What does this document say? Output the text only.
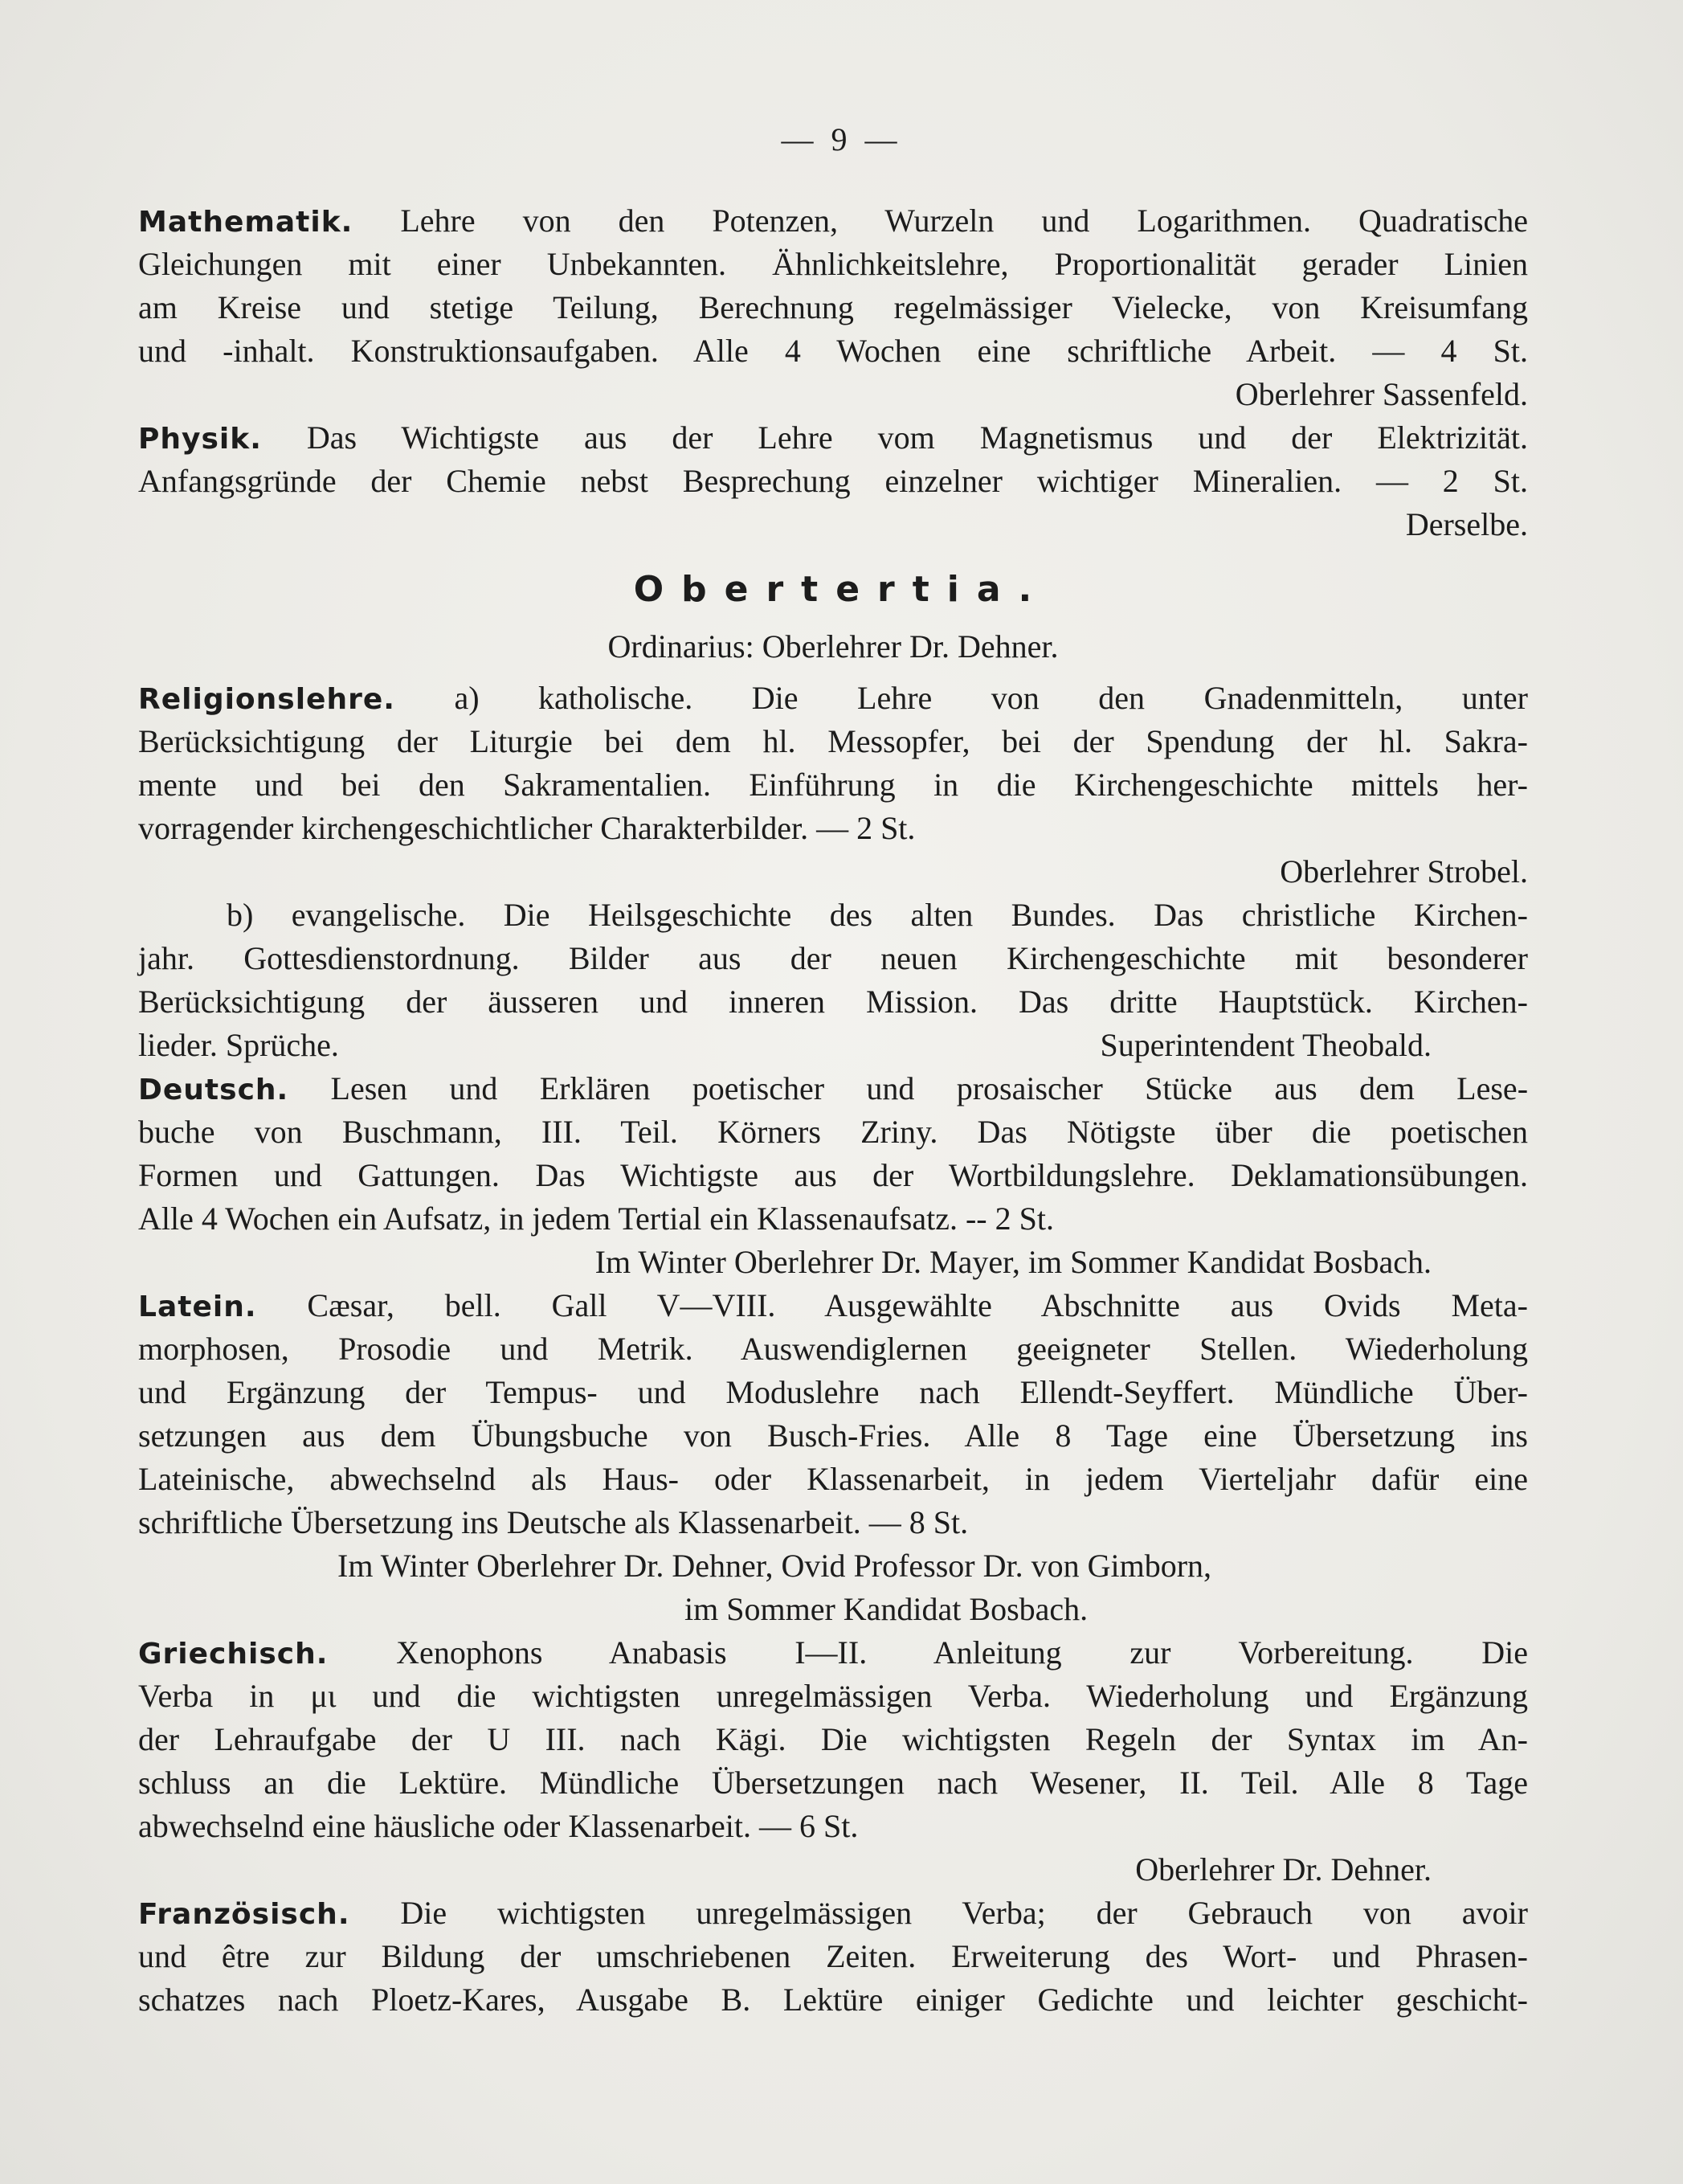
— 9 —
Mathematik. Lehre von den Potenzen, Wurzeln und Logarithmen. Quadratische
Gleichungen mit einer Unbekannten. Ähnlichkeitslehre, Proportionalität gerader Linien
am Kreise und stetige Teilung, Berechnung regelmässiger Vielecke, von Kreisumfang
und -inhalt. Konstruktionsaufgaben. Alle 4 Wochen eine schriftliche Arbeit. — 4 St.
Oberlehrer Sassenfeld.
Physik. Das Wichtigste aus der Lehre vom Magnetismus und der Elektrizität.
Anfangsgründe der Chemie nebst Besprechung einzelner wichtiger Mineralien. — 2 St.
Derselbe.
Obertertia.
Ordinarius: Oberlehrer Dr. Dehner.
Religionslehre. a) katholische. Die Lehre von den Gnadenmitteln, unter
Berücksichtigung der Liturgie bei dem hl. Messopfer, bei der Spendung der hl. Sakra-
mente und bei den Sakramentalien. Einführung in die Kirchengeschichte mittels her-
vorragender kirchengeschichtlicher Charakterbilder. — 2 St.
Oberlehrer Strobel.
b) evangelische. Die Heilsgeschichte des alten Bundes. Das christliche Kirchen-
jahr. Gottesdienstordnung. Bilder aus der neuen Kirchengeschichte mit besonderer
Berücksichtigung der äusseren und inneren Mission. Das dritte Hauptstück. Kirchen-
lieder. Sprüche.	Superintendent Theobald.
Deutsch. Lesen und Erklären poetischer und prosaischer Stücke aus dem Lese-
buche von Buschmann, III. Teil. Körners Zriny. Das Nötigste über die poetischen
Formen und Gattungen. Das Wichtigste aus der Wortbildungslehre. Deklamationsübungen.
Alle 4 Wochen ein Aufsatz, in jedem Tertial ein Klassenaufsatz. -- 2 St.
Im Winter Oberlehrer Dr. Mayer, im Sommer Kandidat Bosbach.
Latein. Cæsar, bell. Gall V—VIII. Ausgewählte Abschnitte aus Ovids Meta-
morphosen, Prosodie und Metrik. Auswendiglernen geeigneter Stellen. Wiederholung
und Ergänzung der Tempus- und Moduslehre nach Ellendt-Seyffert. Mündliche Über-
setzungen aus dem Übungsbuche von Busch-Fries. Alle 8 Tage eine Übersetzung ins
Lateinische, abwechselnd als Haus- oder Klassenarbeit, in jedem Vierteljahr dafür eine
schriftliche Übersetzung ins Deutsche als Klassenarbeit. — 8 St.
Im Winter Oberlehrer Dr. Dehner, Ovid Professor Dr. von Gimborn,
im Sommer Kandidat Bosbach.
Griechisch. Xenophons Anabasis I—II. Anleitung zur Vorbereitung. Die
Verba in μι und die wichtigsten unregelmässigen Verba. Wiederholung und Ergänzung
der Lehraufgabe der U III. nach Kägi. Die wichtigsten Regeln der Syntax im An-
schluss an die Lektüre. Mündliche Übersetzungen nach Wesener, II. Teil. Alle 8 Tage
abwechselnd eine häusliche oder Klassenarbeit. — 6 St.
Oberlehrer Dr. Dehner.
Französisch. Die wichtigsten unregelmässigen Verba; der Gebrauch von avoir
und être zur Bildung der umschriebenen Zeiten. Erweiterung des Wort- und Phrasen-
schatzes nach Ploetz-Kares, Ausgabe B. Lektüre einiger Gedichte und leichter geschicht-
